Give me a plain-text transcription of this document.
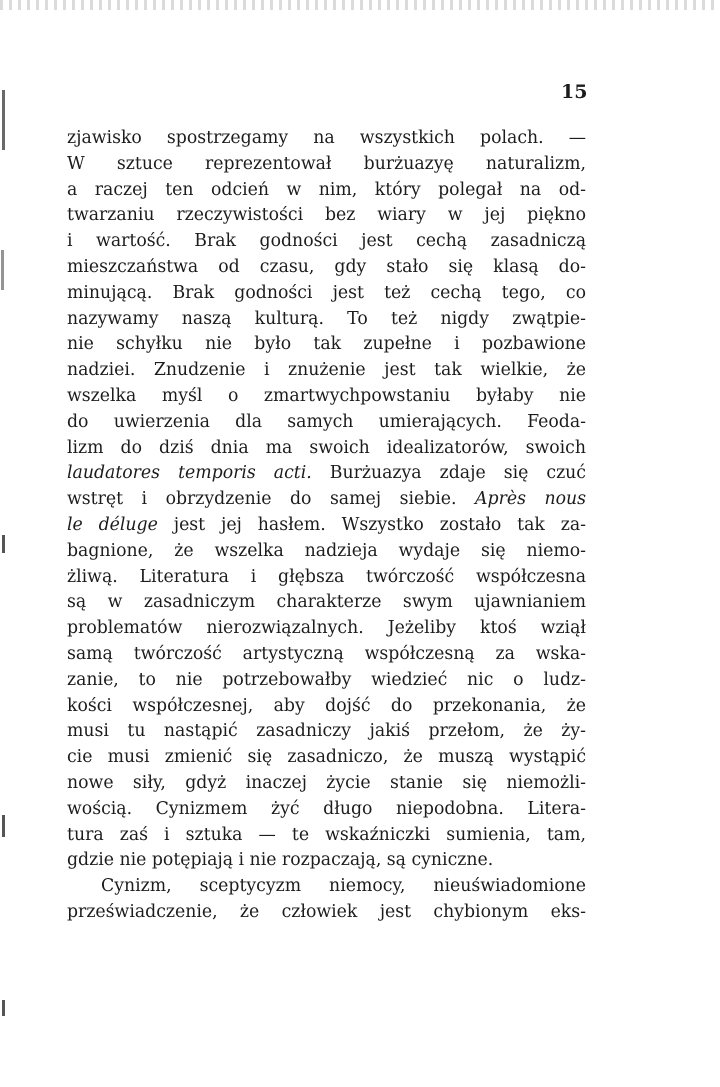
15
zjawisko spostrzegamy na wszystkich polach. —
W sztuce reprezentował burżuazyę naturalizm,
a raczej ten odcień w nim, który polegał na od-
twarzaniu rzeczywistości bez wiary w jej piękno
i wartość. Brak godności jest cechą zasadniczą
mieszczaństwa od czasu, gdy stało się klasą do-
minującą. Brak godności jest też cechą tego, co
nazywamy naszą kulturą. To też nigdy zwątpie-
nie schyłku nie było tak zupełne i pozbawione
nadziei. Znudzenie i znużenie jest tak wielkie, że
wszelka myśl o zmartwychpowstaniu byłaby nie
do uwierzenia dla samych umierających. Feoda-
lizm do dziś dnia ma swoich idealizatorów, swoich
laudatores temporis acti. Burżuazya zdaje się czuć
wstręt i obrzydzenie do samej siebie. Après nous
le déluge jest jej hasłem. Wszystko zostało tak za-
bagnione, że wszelka nadzieja wydaje się niemo-
żliwą. Literatura i głębsza twórczość współczesna
są w zasadniczym charakterze swym ujawnianiem
problematów nierozwiązalnych. Jeżeliby ktoś wziął
samą twórczość artystyczną współczesną za wska-
zanie, to nie potrzebowałby wiedzieć nic o ludz-
kości współczesnej, aby dojść do przekonania, że
musi tu nastąpić zasadniczy jakiś przełom, że ży-
cie musi zmienić się zasadniczo, że muszą wystąpić
nowe siły, gdyż inaczej życie stanie się niemożli-
wością. Cynizmem żyć długo niepodobna. Litera-
tura zaś i sztuka — te wskaźniczki sumienia, tam,
gdzie nie potępiają i nie rozpaczają, są cyniczne.
Cynizm, sceptycyzm niemocy, nieuświadomione
przeświadczenie, że człowiek jest chybionym eks-
